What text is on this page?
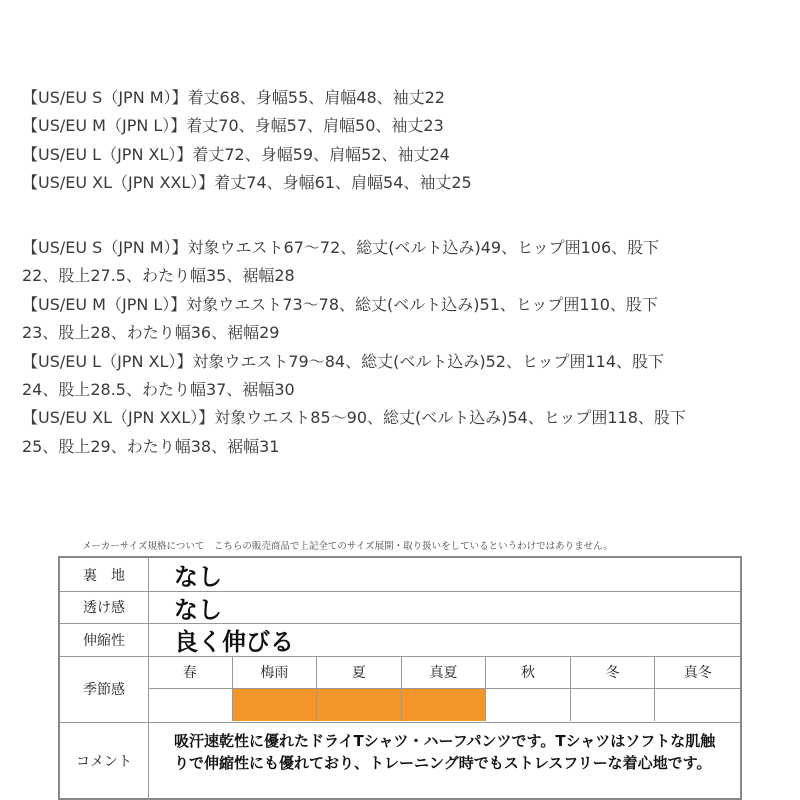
【US/EU S（JPN M）】着丈68、身幅55、肩幅48、袖丈22
【US/EU M（JPN L）】着丈70、身幅57、肩幅50、袖丈23
【US/EU L（JPN XL）】着丈72、身幅59、肩幅52、袖丈24
【US/EU XL（JPN XXL）】着丈74、身幅61、肩幅54、袖丈25
【US/EU S（JPN M）】対象ウエスト67〜72、総丈(ベルト込み)49、ヒップ囲106、股下
22、股上27.5、わたり幅35、裾幅28
【US/EU M（JPN L）】対象ウエスト73〜78、総丈(ベルト込み)51、ヒップ囲110、股下
23、股上28、わたり幅36、裾幅29
【US/EU L（JPN XL）】対象ウエスト79〜84、総丈(ベルト込み)52、ヒップ囲114、股下
24、股上28.5、わたり幅37、裾幅30
【US/EU XL（JPN XXL）】対象ウエスト85〜90、総丈(ベルト込み)54、ヒップ囲118、股下
25、股上29、わたり幅38、裾幅31
メーカーサイズ規格について　こちらの販売商品で上記全てのサイズ展開・取り扱いをしているというわけではありません。
裏　地	なし
透け感	なし
伸縮性	良く伸びる
季節感
春	梅雨	夏	真夏	秋	冬	真冬
コメント
吸汗速乾性に優れたドライTシャツ・ハーフパンツです。Tシャツはソフトな肌触りで伸縮性にも優れており、トレーニング時でもストレスフリーな着心地です。
